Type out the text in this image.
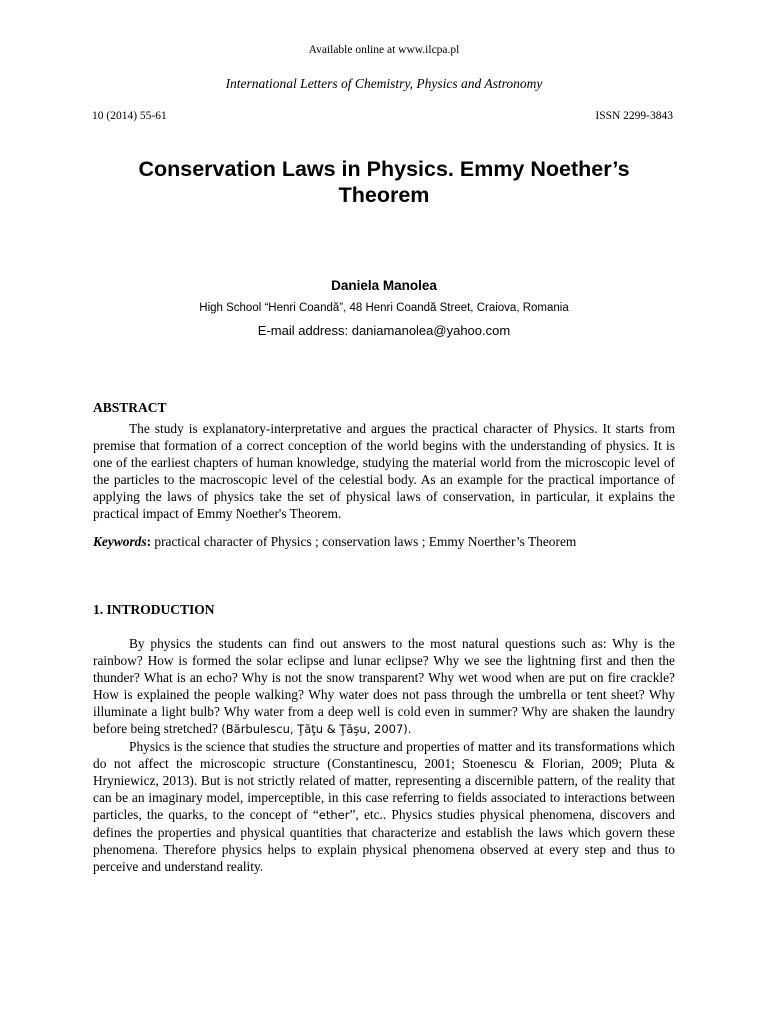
Available online at www.ilcpa.pl
International Letters of Chemistry, Physics and Astronomy
10 (2014) 55-61	ISSN 2299-3843
Conservation Laws in Physics. Emmy Noether’s Theorem
Daniela Manolea
High School “Henri Coandă”, 48 Henri Coandă Street, Craiova, Romania
E-mail address: daniamanolea@yahoo.com
ABSTRACT

The study is explanatory-interpretative and argues the practical character of Physics. It starts from premise that formation of a correct conception of the world begins with the understanding of physics. It is one of the earliest chapters of human knowledge, studying the material world from the microscopic level of the particles to the macroscopic level of the celestial body. As an example for the practical importance of applying the laws of physics take the set of physical laws of conservation, in particular, it explains the practical impact of Emmy Noether's Theorem.

Keywords: practical character of Physics ; conservation laws ; Emmy Noerther’s Theorem
1. INTRODUCTION

By physics the students can find out answers to the most natural questions such as: Why is the rainbow? How is formed the solar eclipse and lunar eclipse? Why we see the lightning first and then the thunder? What is an echo? Why is not the snow transparent? Why wet wood when are put on fire crackle? How is explained the people walking? Why water does not pass through the umbrella or tent sheet? Why illuminate a light bulb? Why water from a deep well is cold even in summer? Why are shaken the laundry before being stretched? (Bărbulescu, Ţăţu & Ţăşu, 2007).

Physics is the science that studies the structure and properties of matter and its transformations which do not affect the microscopic structure (Constantinescu, 2001; Stoenescu & Florian, 2009; Pluta & Hryniewicz, 2013). But is not strictly related of matter, representing a discernible pattern, of the reality that can be an imaginary model, imperceptible, in this case referring to fields associated to interactions between particles, the quarks, to the concept of “ether”, etc.. Physics studies physical phenomena, discovers and defines the properties and physical quantities that characterize and establish the laws which govern these phenomena. Therefore physics helps to explain physical phenomena observed at every step and thus to perceive and understand reality.
